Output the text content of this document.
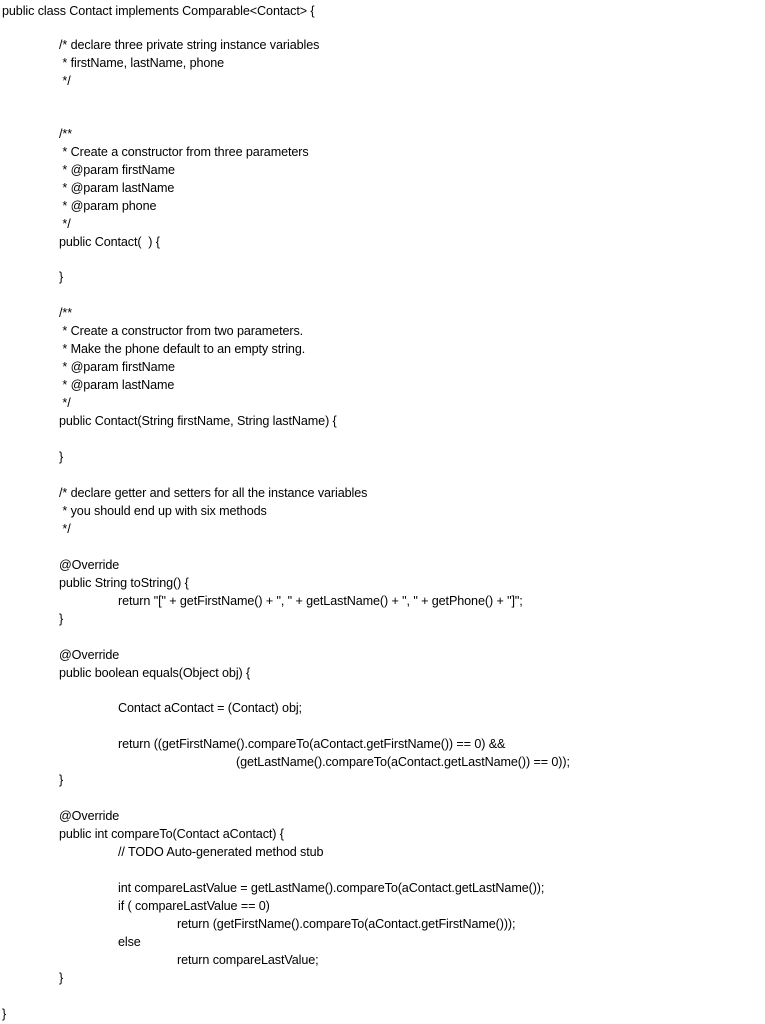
public class Contact implements Comparable<Contact> {
/* declare three private string instance variables
* firstName, lastName, phone
*/
/**
* Create a constructor from three parameters
* @param firstName
* @param lastName
* @param phone
*/
public Contact(  ) {
}
/**
* Create a constructor from two parameters.
* Make the phone default to an empty string.
* @param firstName
* @param lastName
*/
public Contact(String firstName, String lastName) {
}
/* declare getter and setters for all the instance variables
* you should end up with six methods
*/
@Override
public String toString() {
return "[" + getFirstName() + ", " + getLastName() + ", " + getPhone() + "]";
}
@Override
public boolean equals(Object obj) {
Contact aContact = (Contact) obj;
return ((getFirstName().compareTo(aContact.getFirstName()) == 0) &&
(getLastName().compareTo(aContact.getLastName()) == 0));
}
@Override
public int compareTo(Contact aContact) {
// TODO Auto-generated method stub
int compareLastValue = getLastName().compareTo(aContact.getLastName());
if ( compareLastValue == 0)
return (getFirstName().compareTo(aContact.getFirstName()));
else
return compareLastValue;
}
}
